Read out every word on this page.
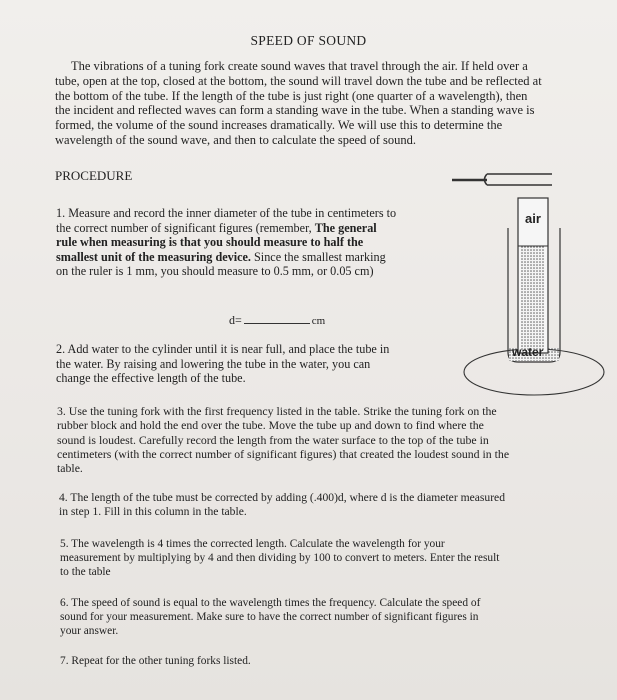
SPEED OF SOUND
The vibrations of a tuning fork create sound waves that travel through the air. If held over a
tube, open at the top, closed at the bottom, the sound will travel down the tube and be reflected at
the bottom of the tube. If the length of the tube is just right (one quarter of a wavelength), then
the incident and reflected waves can form a standing wave in the tube. When a standing wave is
formed, the volume of the sound increases dramatically. We will use this to determine the
wavelength of the sound wave, and then to calculate the speed of sound.
PROCEDURE
1. Measure and record the inner diameter of the tube in centimeters to
the correct number of significant figures (remember, The general
rule when measuring is that you should measure to half the
smallest unit of the measuring device. Since the smallest marking
on the ruler is 1 mm, you should measure to 0.5 mm, or 0.05 cm)
d=	cm
2. Add water to the cylinder until it is near full, and place the tube in
the water. By raising and lowering the tube in the water, you can
change the effective length of the tube.
3. Use the tuning fork with the first frequency listed in the table. Strike the tuning fork on the
rubber block and hold the end over the tube. Move the tube up and down to find where the
sound is loudest. Carefully record the length from the water surface to the top of the tube in
centimeters (with the correct number of significant figures) that created the loudest sound in the
table.
4. The length of the tube must be corrected by adding (.400)d, where d is the diameter measured
in step 1. Fill in this column in the table.
5. The wavelength is 4 times the corrected length. Calculate the wavelength for your
measurement by multiplying by 4 and then dividing by 100 to convert to meters. Enter the result
to the table
6. The speed of sound is equal to the wavelength times the frequency. Calculate the speed of
sound for your measurement. Make sure to have the correct number of significant figures in
your answer.
7. Repeat for the other tuning forks listed.
air
water
